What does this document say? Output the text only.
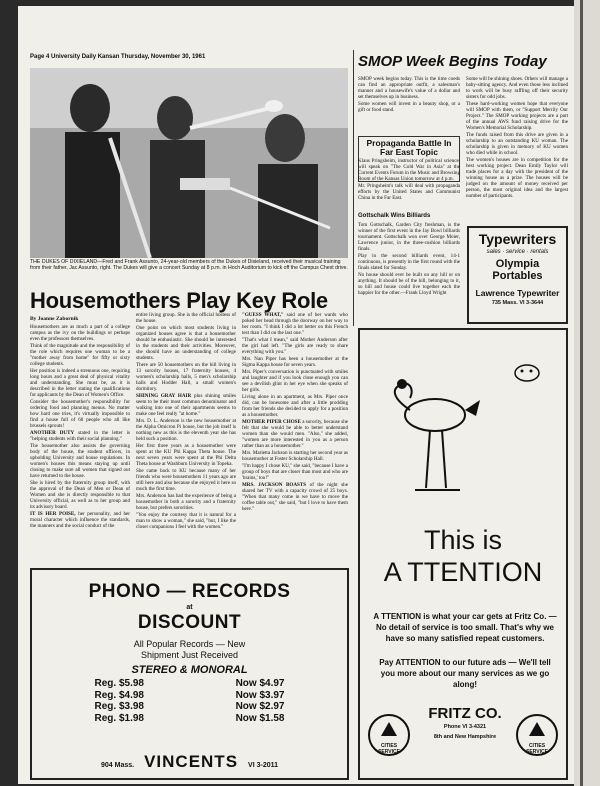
Page 4 University Daily Kansan Thursday, November 30, 1961
THE DUKES OF DIXIELAND—Fred and Frank Assunto, 24-year-old members of the Dukes of Dixieland, received their musical training from their father, Jac Assunto, right. The Dukes will give a concert Sunday at 8 p.m. in Hoch Auditorium to kick off the Campus Chest drive.
Housemothers Play Key Role
By Joanne Zabornik

Housemothers are as much a part of a college campus as the ivy on the buildings or perhaps even the professors themselves.

Think of the magnitude and the responsibility of the role which requires one woman to be a "mother away from home" for fifty or sixty college students.

Her position is indeed a strenuous one, requiring long hours and a great deal of physical vitality and understanding. She must be, as it is described in the letter stating the qualifications for applicants by the Dean of Women's Office.

Consider the housemother's responsibility for ordering food and planning menus. No matter how hard one tries, it's virtually impossible to find a house full of 60 people who all like brussels sprouts!

ANOTHER DUTY stated in the letter is "helping students with their social planning."

The housemother also assists the governing body of the house, the student officers, in upholding University and house regulations. In women's houses this means staying up until closing to make sure all women that signed out have returned to the house.

She is hired by the fraternity group itself, with the approval of the Dean of Men or Dean of Women and she is directly responsible to that University official, as well as to her group and its advisory board.

IT IS HER POISE, her personality, and her moral character which influence the standards, the manners and the social conduct of the

entire living group. She is the official hostess of the house.

One point on which most students living in organized houses agree is that a housemother should be enthusiastic. She should be interested in the students and their activities. Moreover, she should have an understanding of college students.

There are 50 housemothers on the hill living in 13 sorority houses, 17 fraternity houses, 4 women's scholarship halls, 5 men's scholarship halls and Hodder Hall, a small women's dormitory.

SHINING GRAY HAIR plus shining smiles seem to be their most common denominator and walking into one of their apartments seems to make one feel really "at home."

Mrs. D. L. Anderson is the new housemother at the Alpha Omicron Pi house, but the job itself is nothing new as this is the eleventh year she has held such a position.

Her first three years as a housemother were spent at the KU Phi Kappa Theta house. The next seven years were spent at the Phi Delta Theta house at Washburn University in Topeka.

She came back to KU because many of her friends who were housemothers 11 years ago are still here and also because she enjoyed it here so much the first time.

Mrs. Anderson has had the experience of being a housemother in both a sorority and a fraternity house, but prefers sororities.

"You enjoy the courtesy that it is natural for a man to show a woman," she said, "but, I like the closer companions I feel with the women."

"GUESS WHAT," said one of her wards who poked her head through the doorway on her way to her room. "I think I did a lot better on this French test than I did on the last one."

"That's what I mean," said Mother Anderson after the girl had left. "The girls are ready to share everything with you."

Mrs. Nan Piper has been a housemother at the Sigma Kappa house for seven years.

Mrs. Piper's conversation is punctuated with smiles and laughter and if you look close enough you can see a devilish glint in her eye when she speaks of her girls.

Living alone in an apartment, as Mrs. Piper once did, can be lonesome and after a little prodding from her friends she decided to apply for a position as a housemother.

MOTHER PIPER CHOSE a sorority, because she felt that she would be able to better understand women than she would men. "Also," she added, "women are more interested in you as a person rather than as a housemother."

Mrs. Marietta Jackson is starting her second year as housemother at Foster Scholarship Hall.

"I'm happy I chose KU," she said, "because I have a group of boys that are closer than most and who are 'brains,' too!"

MRS. JACKSON BOASTS of the night she shared her TV with a capacity crowd of 25 boys. "When that many come in we have to move the coffee table out," she said, "but I love to have them here."

SMOP Week Begins Today

SMOP week begins today. This is the time coeds can find an appropriate outfit, a salesman's manner and a housewife's value of a dollar and set themselves up in business.

Some women will invest in a beauty shop, or a gift or food stand.

Some will be shining shoes. Others will manage a baby-sitting agency. And even those less inclined to work will be busy raffling off their security sisters for odd jobs.

These hard-working women hope that everyone will SMOP with them, or "Support Merrily Our Project." The SMOP working projects are a part of the annual AWS fund raising drive for the Women's Memorial Scholarship.

The funds raised from this drive are given in a scholarship to an outstanding KU woman. The scholarship is given in memory of KU women who died while in school.

The women's houses are in competition for the best working project. Dean Emily Taylor will trade places for a day with the president of the winning house as a prize. The houses will be judged on the amount of money received per person, the most original idea and the largest number of participants.

Propaganda Battle In Far East Topic

Klaus Pringsheim, instructor of political science, will speak on "The Cold War in Asia" at the Current Events Forum in the Music and Browsing Room of the Kansas Union tomorrow at 4 p.m.

Mr. Pringsheim's talk will deal with propaganda efforts by the United States and Communist China in the Far East.

Gottschalk Wins Billiards

Tom Gottschalk, Garden City freshman, is the winner of the first event in the Jay Bowl billiards tournament. Gottschalk won over George Moier, Lawrence junior, in the three-cushion billiards finals.

Play in the second billiards event, 14-1 continuous, is presently in the first round with the finals slated for Sunday.

No house should ever be built on any hill or on anything. It should be of the hill, belonging to it, so hill and house could live together each the happier for the other.—Frank Lloyd Wright

Typewriters
sales · service · rentals
Olympia
Portables
Lawrence Typewriter
735 Mass. VI 3-3644
This is
A TTENTION
A TTENTION is what your car gets at Fritz Co. — No detail of service is too small. That's why we have so many satisfied repeat customers.
Pay ATTENTION to our future ads — We'll tell you more about our many services as we go along!
CITIES SERVICE
FRITZ CO.
Phone VI 3-4321
8th and New Hampshire
CITIES SERVICE
PHONO — RECORDS
at
DISCOUNT
All Popular Records — New
Shipment Just Received
STEREO & MONORAL
Reg. $5.98	Now $4.97
Reg. $4.98	Now $3.97
Reg. $3.98	Now $2.97
Reg. $1.98	Now $1.58
904 Mass. VINCENTS VI 3-2011
